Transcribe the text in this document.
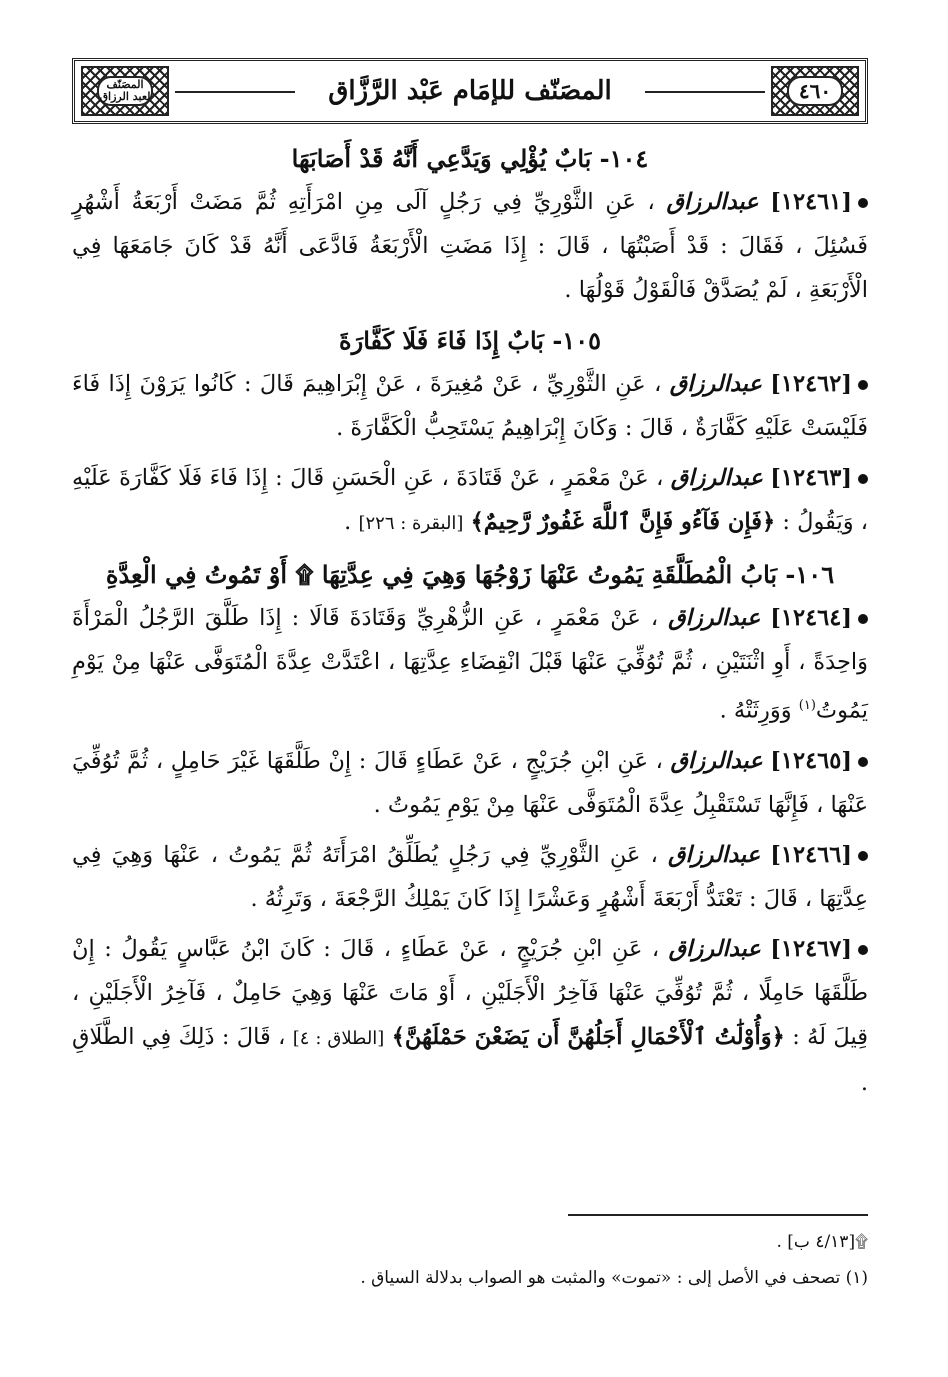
٤٦٠
المصَنّف للإمَام عَبْد الرَّزَّاق
المصَنّف
لعبد الرزاق

١٠٤- بَابٌ يُؤْلِي وَيَدَّعِي أَنَّهُ قَدْ أَصَابَهَا

[١٢٤٦١] عبدالرزاق ، عَنِ الثَّوْرِيِّ فِي رَجُلٍ آلَى مِنِ امْرَأَتِهِ ثُمَّ مَضَتْ أَرْبَعَةُ أَشْهُرٍ فَسُئِلَ ، فَقَالَ : قَدْ أَصَبْتُهَا ، قَالَ : إِذَا مَضَتِ الْأَرْبَعَةُ فَادَّعَى أَنَّهُ قَدْ كَانَ جَامَعَهَا فِي الْأَرْبَعَةِ ، لَمْ يُصَدَّقْ فَالْقَوْلُ قَوْلُهَا .

١٠٥- بَابٌ إِذَا فَاءَ فَلَا كَفَّارَةَ

[١٢٤٦٢] عبدالرزاق ، عَنِ الثَّوْرِيِّ ، عَنْ مُغِيرَةَ ، عَنْ إِبْرَاهِيمَ قَالَ : كَانُوا يَرَوْنَ إِذَا فَاءَ فَلَيْسَتْ عَلَيْهِ كَفَّارَةٌ ، قَالَ : وَكَانَ إِبْرَاهِيمُ يَسْتَحِبُّ الْكَفَّارَةَ .

[١٢٤٦٣] عبدالرزاق ، عَنْ مَعْمَرٍ ، عَنْ قَتَادَةَ ، عَنِ الْحَسَنِ قَالَ : إِذَا فَاءَ فَلَا كَفَّارَةَ عَلَيْهِ ، وَيَقُولُ : ﴿فَإِن فَآءُو فَإِنَّ ٱللَّهَ غَفُورٌ رَّحِيمٌ﴾ [البقرة : ٢٢٦] .

١٠٦- بَابُ الْمُطَلَّقَةِ يَمُوتُ عَنْهَا زَوْجُهَا وَهِيَ فِي عِدَّتِهَا ۩ أَوْ تَمُوتُ فِي الْعِدَّةِ

[١٢٤٦٤] عبدالرزاق ، عَنْ مَعْمَرٍ ، عَنِ الزُّهْرِيِّ وَقَتَادَةَ قَالَا : إِذَا طَلَّقَ الرَّجُلُ الْمَرْأَةَ وَاحِدَةً ، أَوِ اثْنَتَيْنِ ، ثُمَّ تُوُفِّيَ عَنْهَا قَبْلَ انْقِضَاءِ عِدَّتِهَا ، اعْتَدَّتْ عِدَّةَ الْمُتَوَفَّى عَنْهَا مِنْ يَوْمِ يَمُوتُ$^{(١)}$ وَوَرِثَتْهُ .

[١٢٤٦٥] عبدالرزاق ، عَنِ ابْنِ جُرَيْجٍ ، عَنْ عَطَاءٍ قَالَ : إِنْ طَلَّقَهَا غَيْرَ حَامِلٍ ، ثُمَّ تُوُفِّيَ عَنْهَا ، فَإِنَّهَا تَسْتَقْبِلُ عِدَّةَ الْمُتَوَفَّى عَنْهَا مِنْ يَوْمِ يَمُوتُ .

[١٢٤٦٦] عبدالرزاق ، عَنِ الثَّوْرِيِّ فِي رَجُلٍ يُطَلِّقُ امْرَأَتَهُ ثُمَّ يَمُوتُ ، عَنْهَا وَهِيَ فِي عِدَّتِهَا ، قَالَ : تَعْتَدُّ أَرْبَعَةَ أَشْهُرٍ وَعَشْرًا إِذَا كَانَ يَمْلِكُ الرَّجْعَةَ ، وَتَرِثُهُ .

[١٢٤٦٧] عبدالرزاق ، عَنِ ابْنِ جُرَيْجٍ ، عَنْ عَطَاءٍ ، قَالَ : كَانَ ابْنُ عَبَّاسٍ يَقُولُ : إِنْ طَلَّقَهَا حَامِلًا ، ثُمَّ تُوُفِّيَ عَنْهَا فَآخِرُ الْأَجَلَيْنِ ، أَوْ مَاتَ عَنْهَا وَهِيَ حَامِلٌ ، فَآخِرُ الْأَجَلَيْنِ ، قِيلَ لَهُ : ﴿وَأُوْلَٰتُ ٱلْأَحْمَالِ أَجَلُهُنَّ أَن يَضَعْنَ حَمْلَهُنَّ﴾ [الطلاق : ٤] ، قَالَ : ذَلِكَ فِي الطَّلَاقِ .

۩[٤/١٣ ب] .

(١) تصحف في الأصل إلى : «تموت» والمثبت هو الصواب بدلالة السياق .
